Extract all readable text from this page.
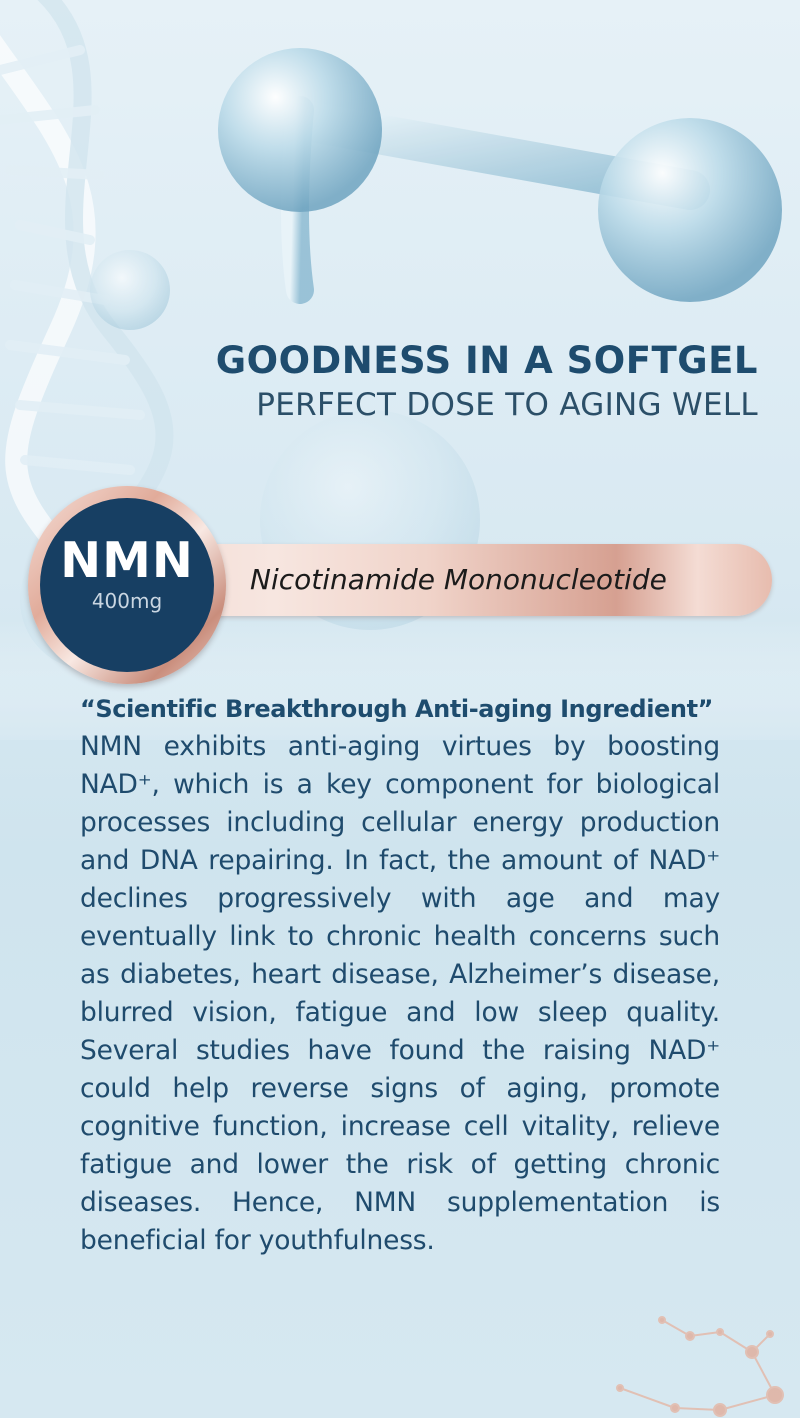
GOODNESS IN A SOFTGEL
PERFECT DOSE TO AGING WELL
Nicotinamide Mononucleotide
NMN
400mg
“Scientific Breakthrough Anti-aging Ingredient”
NMN exhibits anti-aging virtues by boosting NAD⁺, which is a key component for biological processes including cellular energy production and DNA repairing. In fact, the amount of NAD⁺ declines progressively with age and may eventually link to chronic health concerns such as diabetes, heart disease, Alzheimer’s disease, blurred vision, fatigue and low sleep quality. Several studies have found the raising NAD⁺ could help reverse signs of aging, promote cognitive function, increase cell vitality, relieve fatigue and lower the risk of getting chronic diseases. Hence, NMN supplementation is beneficial for youthfulness.
